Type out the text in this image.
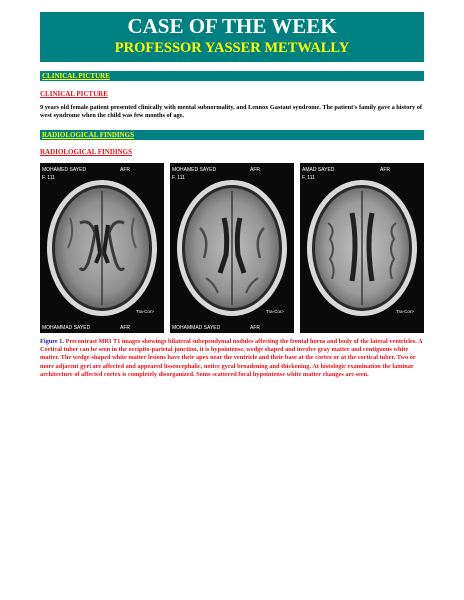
CASE OF THE WEEK
PROFESSOR YASSER METWALLY
CLINICAL PICTURE
CLINICAL PICTURE
9 years old female patient presented clinically with mental subnormality, and Lennox Gastaut syndrome. The patient's family gave a history of west syndrome when the child was few months of age.
RADIOLOGICAL FINDINGS
RADIOLOGICAL FINDINGS
MOHAMED SAYED	AFR
F. 111
MOHAMMAD SAYED	AFR
Tra-Cor>
MOHAMED SAYED	AFR
F. 111
MOHAMMAD SAYED	AFR
Tra-Cor>
AMAD SAYED	AFR
F. 111
Tra-Cor>
Figure 1. Precontrast MRI T1 images showings bilateral subependymal nodules affecting the frontal horns and body of the lateral ventricles. A Cortical tuber can be seen in the occipito-parietal junction, it is hypointense, wedge shaped and involve gray matter and contiguous white matter. The wedge-shaped white matter lesions have their apex near the ventricle and their base at the cortex or at the cortical tuber. Two or more adjacent gyri are affected and appeared lissencephalic, notice gyral broadening and thickening. At histologic examination the laminar architecture of affected cortex is completely disorganized. Some scattered focal hypointense white matter changes are seen.
